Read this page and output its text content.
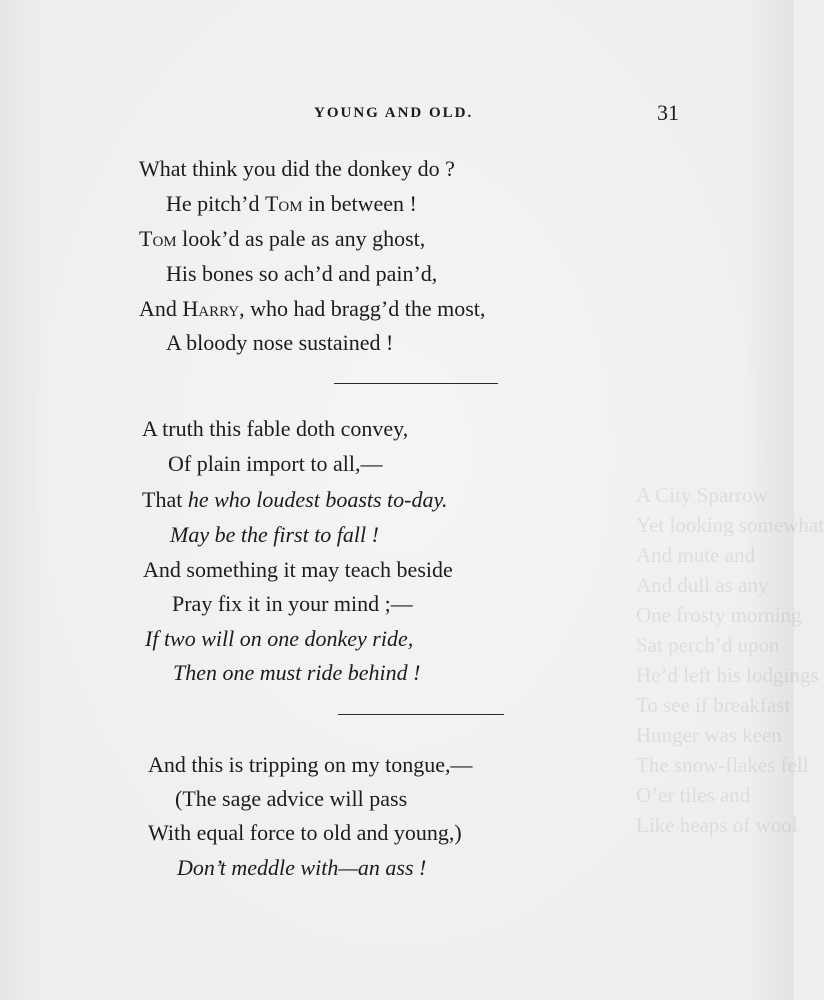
A City Sparrow
Yet looking somewhat
And mute and
And dull as any
One frosty morning
Sat perch’d upon
He’d left his lodgings
To see if breakfast
Hunger was keen
The snow-flakes fell
O’er tiles and
Like heaps of wool
YOUNG AND OLD.	31
What think you did the donkey do ?
He pitch’d Tom in between !
Tom look’d as pale as any ghost,
His bones so ach’d and pain’d,
And Harry, who had bragg’d the most,
A bloody nose sustained !
A truth this fable doth convey,
Of plain import to all,—
That he who loudest boasts to-day.
May be the first to fall !
And something it may teach beside
Pray fix it in your mind ;—
If two will on one donkey ride,
Then one must ride behind !
And this is tripping on my tongue,—
(The sage advice will pass
With equal force to old and young,)
Don’t meddle with—an ass !
